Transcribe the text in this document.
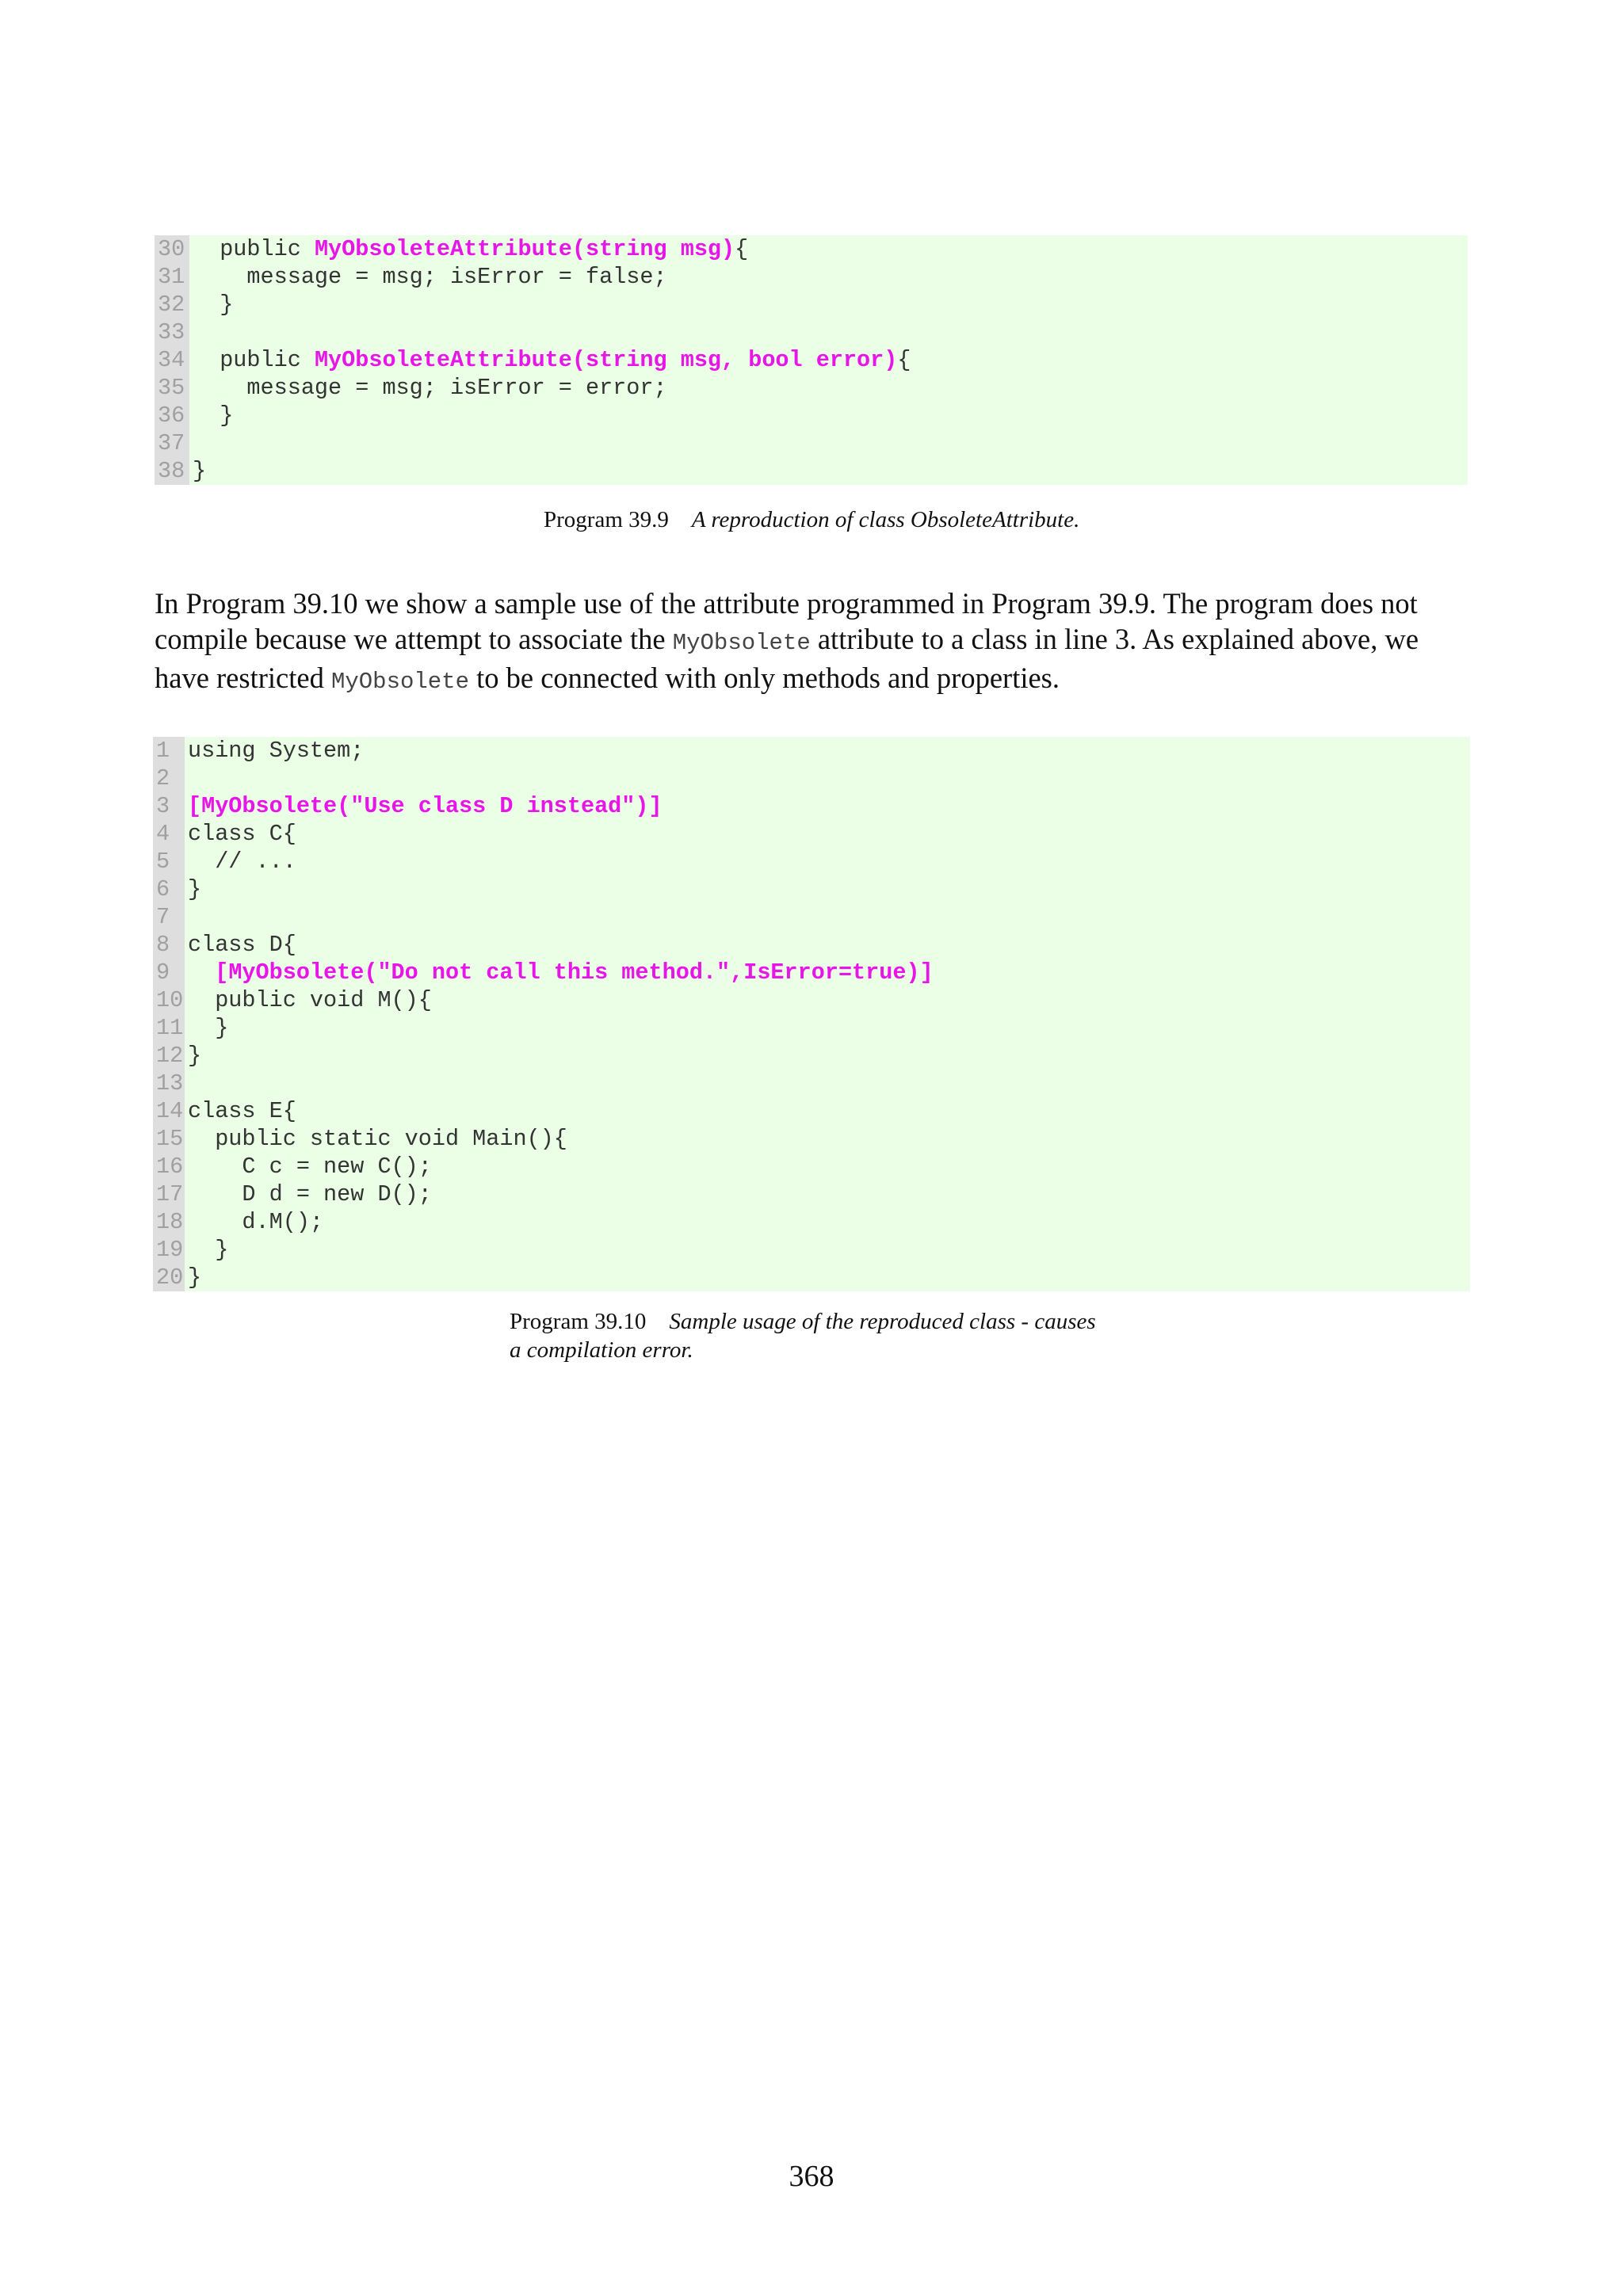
30 public MyObsoleteAttribute(string msg){
31 message = msg; isError = false;
32 }
33
34 public MyObsoleteAttribute(string msg, bool error){
35 message = msg; isError = error;
36 }
37
38 }

Program 39.9 A reproduction of class ObsoleteAttribute.

In Program 39.10 we show a sample use of the attribute programmed in Program 39.9. The program does not compile because we attempt to associate the MyObsolete attribute to a class in line 3. As explained above, we have restricted MyObsolete to be connected with only methods and properties.

1 using System;
2
3 [MyObsolete("Use class D instead")]
4 class C{
5 // ...
6 }
7
8 class D{
9	[MyObsolete("Do not call this method.",IsError=true)]
10 public void M(){
11 }
12 }
13
14 class E{
15 public static void Main(){
16 C c = new C();
17 D d = new D();
18 d.M();
19 }
20 }
Program 39.10 Sample usage of the reproduced class - causes
a compilation error.

368
